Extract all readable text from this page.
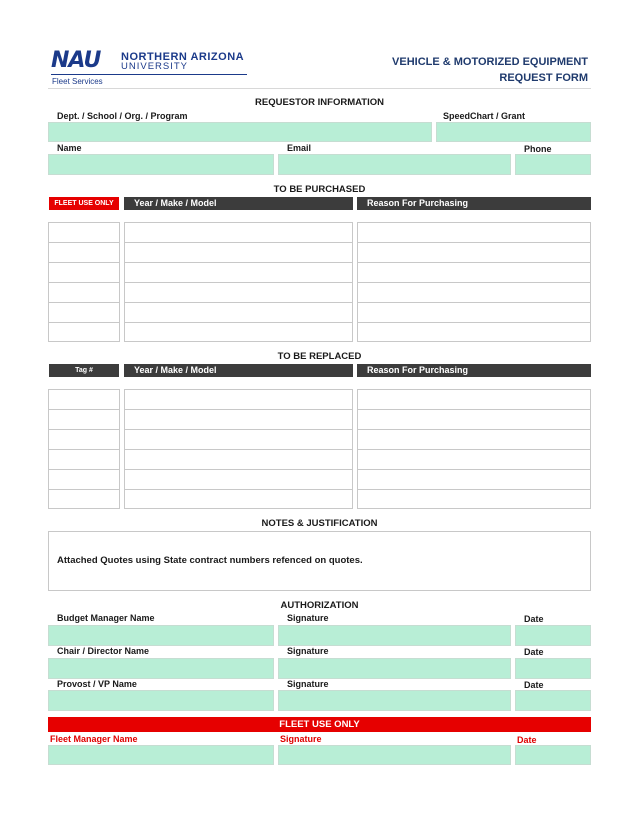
NAU NORTHERN ARIZONA
UNIVERSITY
Fleet Services
VEHICLE & MOTORIZED EQUIPMENT
REQUEST FORM
REQUESTOR INFORMATION
Dept. / School / Org. / Program	SpeedChart / Grant
Name	Email	Phone
TO BE PURCHASED
FLEET USE ONLY	Year / Make / Model	Reason For Purchasing
TO BE REPLACED
Tag #	Year / Make / Model	Reason For Purchasing
NOTES & JUSTIFICATION
Attached Quotes using State contract numbers refenced on quotes.
AUTHORIZATION
Budget Manager Name	Signature	Date
Chair / Director Name	Signature	Date
Provost / VP Name	Signature	Date
FLEET USE ONLY
Fleet Manager Name	Signature	Date
